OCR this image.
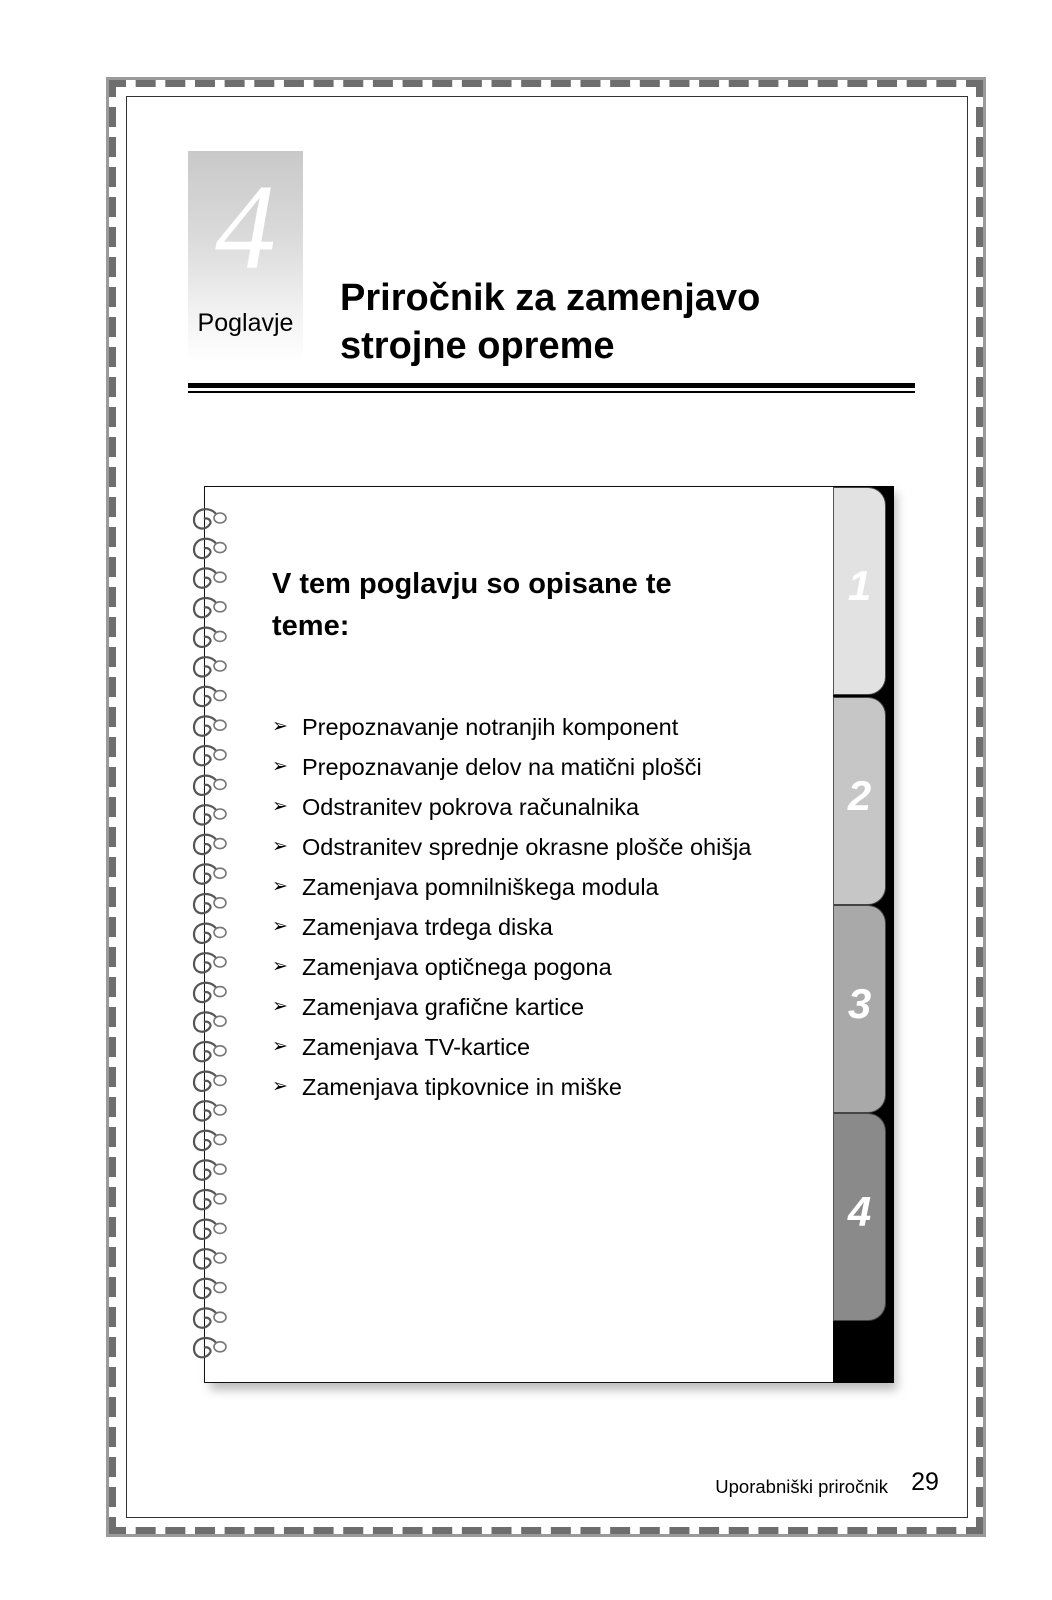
4
Poglavje
Priročnik za zamenjavo
strojne opreme

V tem poglavju so opisane te
teme:

➢ Prepoznavanje notranjih komponent
➢ Prepoznavanje delov na matični plošči
➢ Odstranitev pokrova računalnika
➢ Odstranitev sprednje okrasne plošče ohišja
➢ Zamenjava pomnilniškega modula
➢ Zamenjava trdega diska
➢ Zamenjava optičnega pogona
➢ Zamenjava grafične kartice
➢ Zamenjava TV-kartice
➢ Zamenjava tipkovnice in miške
1
2
3
4
Uporabniški priročnik 29
